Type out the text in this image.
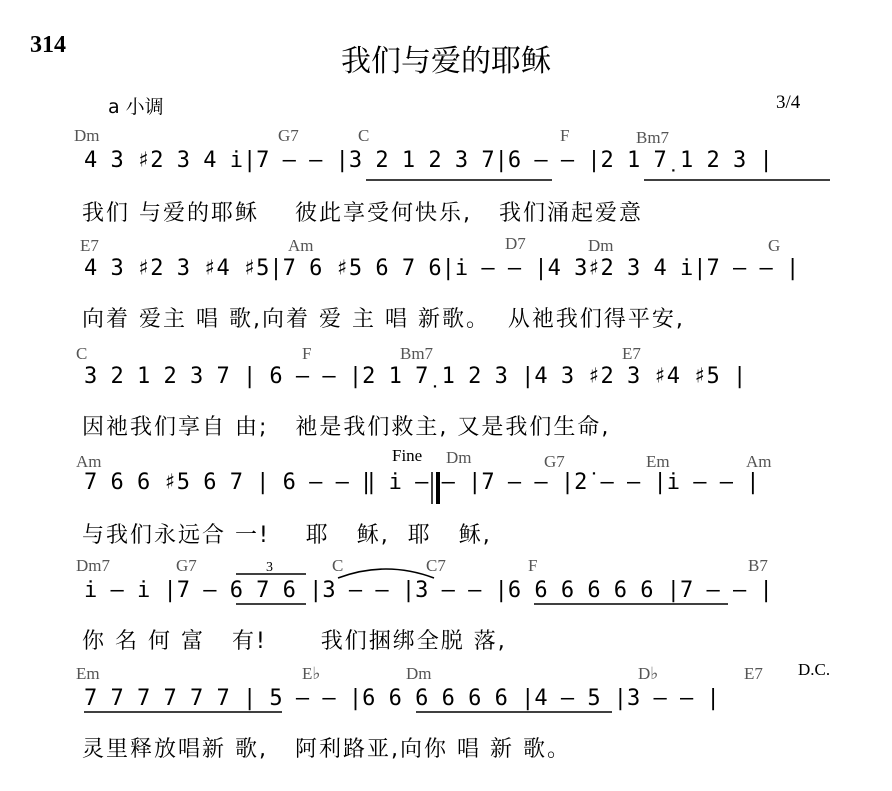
314	我们与爱的耶稣
a 小调	3/4
Dm	G7	C	F	Bm7
4 3 ♯2 3 4 i̇|7 — — |3 2 1 2 3 7|6 — — |2 1 7̣ 1 2 3 |
我们 与爱的耶稣    彼此享受何快乐,   我们涌起爱意
E7	Am	D7	Dm	G
4 3 ♯2 3 ♯4 ♯5|7 6 ♯5 6 7 6|i̇ — — |4 3♯2 3 4 i̇|7 — — |
向着 爱主 唱 歌,向着 爱 主 唱 新歌。  从祂我们得平安,
C	F	Bm7	E7
3 2 1 2 3 7 | 6 — — |2 1 7̣ 1 2 3 |4 3 ♯2 3 ♯4 ♯5 |
因祂我们享自 由;   祂是我们救主, 又是我们生命,
Am	Fine Dm	G7	Em	Am
7 6 6 ♯5 6 7 | 6 — — ‖ i̇ — — |7 — — |2̇ — — |i̇ — — |
与我们永远合 一!    耶   稣,  耶   稣,
Dm7	G7	C	C7	F	B7
3
i̇ — i̇ |7 — 6 7 6 |3 — — |3 — — |6 6 6 6 6 6 |7 — — |
你 名 何 富   有!      我们捆绑全脱 落,
Em	E♭	Dm	D♭	E7 D.C.
7 7 7 7 7 7 | 5 — — |6 6 6 6 6 6 |4 — 5 |3 — — |
灵里释放唱新 歌,   阿利路亚,向你 唱 新 歌。
